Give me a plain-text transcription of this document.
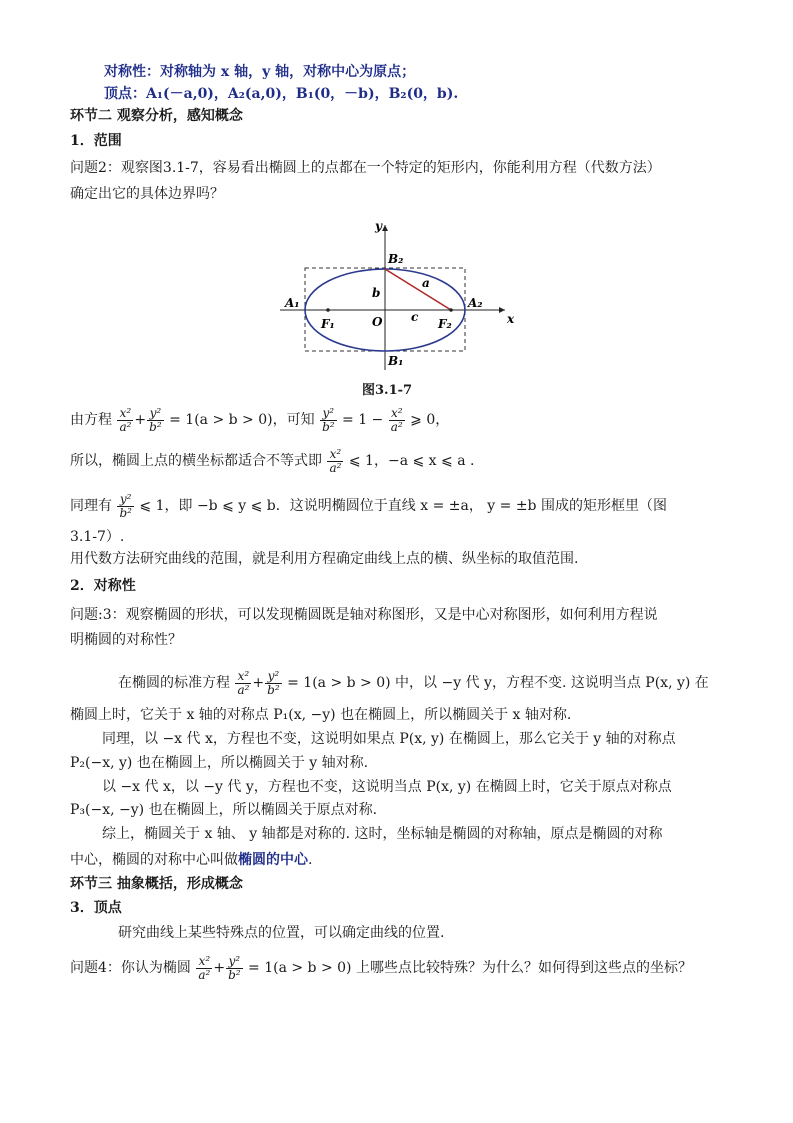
对称性：对称轴为 x 轴，y 轴，对称中心为原点；
顶点：A₁(－a,0)，A₂(a,0)，B₁(0，－b)，B₂(0，b).
环节二 观察分析，感知概念
1．范围
问题2：观察图3.1-7，容易看出椭圆上的点都在一个特定的矩形内，你能利用方程（代数方法）
确定出它的具体边界吗？
y
x
O
A₁	A₂
B₁
B₂
F₁	F₂
a
b
c
图3.1-7
由方程 $\frac{\text{x²}}{\text{a²}} + \frac{\text{y²}}{\text{b²}} = 1(a > b > 0)$，可知 $\frac{\text{y²}}{\text{b²}} = 1 - \frac{\text{x²}}{\text{a²}}$ ⩾ 0，
所以，椭圆上点的横坐标都适合不等式即 $\frac{\text{x²}}{\text{a²}}$ ⩽ 1，−a ⩽ x ⩽ a .
同理有 $\frac{\text{y²}}{\text{b²}}$ ⩽ 1，即 −b ⩽ y ⩽ b．这说明椭圆位于直线 x = ±a， y = ±b 围成的矩形框里（图
3.1-7）.
用代数方法研究曲线的范围，就是利用方程确定曲线上点的横、纵坐标的取值范围.
2．对称性
问题:3：观察椭圆的形状，可以发现椭圆既是轴对称图形，又是中心对称图形，如何利用方程说
明椭圆的对称性？
在椭圆的标准方程 $\frac{\text{x²}}{\text{a²}} + \frac{\text{y²}}{\text{b²}} = 1(a > b > 0)$ 中，以 −y 代 y，方程不变. 这说明当点 P(x, y) 在
椭圆上时，它关于 x 轴的对称点 P₁(x, −y) 也在椭圆上，所以椭圆关于 x 轴对称.
同理，以 −x 代 x，方程也不变，这说明如果点 P(x, y) 在椭圆上，那么它关于 y 轴的对称点
P₂(−x, y) 也在椭圆上，所以椭圆关于 y 轴对称.
以 −x 代 x，以 −y 代 y，方程也不变，这说明当点 P(x, y) 在椭圆上时，它关于原点对称点
P₃(−x, −y) 也在椭圆上，所以椭圆关于原点对称.
综上，椭圆关于 x 轴、 y 轴都是对称的. 这时，坐标轴是椭圆的对称轴，原点是椭圆的对称
中心，椭圆的对称中心叫做椭圆的中心.
环节三 抽象概括，形成概念
3．顶点
研究曲线上某些特殊点的位置，可以确定曲线的位置.
问题4：你认为椭圆 $\frac{\text{x²}}{\text{a²}} + \frac{\text{y²}}{\text{b²}} = 1(a > b > 0)$ 上哪些点比较特殊？为什么？如何得到这些点的坐标？
